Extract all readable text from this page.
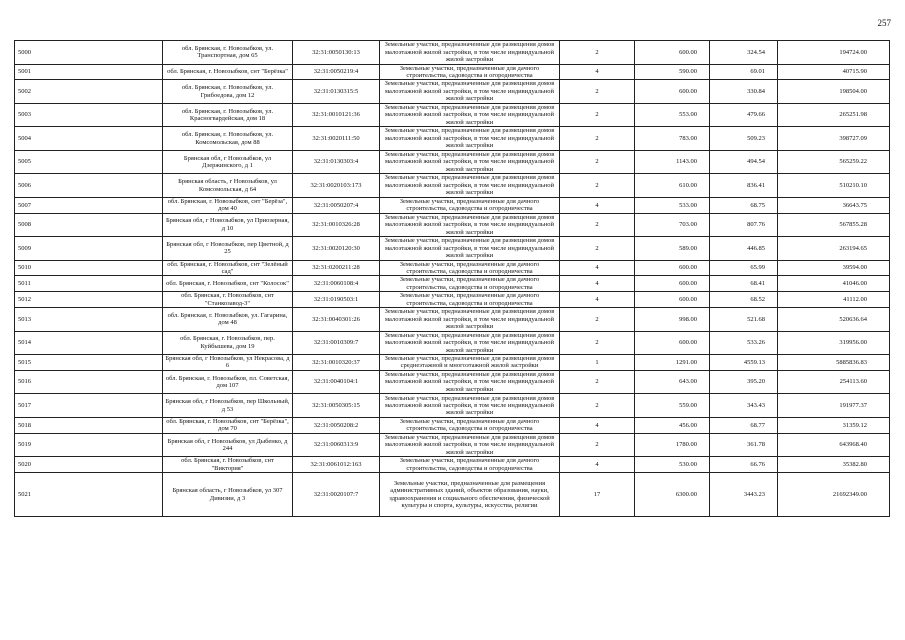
257
5000	обл. Брянская, г. Новозыбков, ул. Транспортная, дом 65	32:31:0050130:13	Земельные участки, предназначенные для размещения домов малоэтажной жилой застройки, в том числе индивидуальной жилой застройки	2	600.00	324.54	194724.00
5001	обл. Брянская, г. Новозыбков, снт "Берёзка"	32:31:0050219:4	Земельные участки, предназначенные для дачного строительства, садоводства и огородничества	4	590.00	69.01	40715.90
5002	обл. Брянская, г. Новозыбков, ул. Грибоедова, дом 12	32:31:0130315:5	Земельные участки, предназначенные для размещения домов малоэтажной жилой застройки, в том числе индивидуальной жилой застройки	2	600.00	330.84	198504.00
5003	обл. Брянская, г. Новозыбков, ул. Красногвардейская, дом 18	32:31:0010121:36	Земельные участки, предназначенные для размещения домов малоэтажной жилой застройки, в том числе индивидуальной жилой застройки	2	553.00	479.66	265251.98
5004	обл. Брянская, г. Новозыбков, ул. Комсомольская, дом 88	32:31:0020111:50	Земельные участки, предназначенные для размещения домов малоэтажной жилой застройки, в том числе индивидуальной жилой застройки	2	783.00	509.23	398727.09
5005	Брянская обл, г Новозыбков, ул Дзержинского, д 1	32:31:0130303:4	Земельные участки, предназначенные для размещения домов малоэтажной жилой застройки, в том числе индивидуальной жилой застройки	2	1143.00	494.54	565259.22
5006	Брянская область, г Новозыбков, ул Комсомольская, д 64	32:31:0020103:173	Земельные участки, предназначенные для размещения домов малоэтажной жилой застройки, в том числе индивидуальной жилой застройки	2	610.00	836.41	510210.10
5007	обл. Брянская, г. Новозыбков, снт "Берёза", дом 40	32:31:0050207:4	Земельные участки, предназначенные для дачного строительства, садоводства и огородничества	4	533.00	68.75	36643.75
5008	Брянская обл, г Новозыбков, ул Приозерная, д 10	32:31:0010326:28	Земельные участки, предназначенные для размещения домов малоэтажной жилой застройки, в том числе индивидуальной жилой застройки	2	703.00	807.76	567855.28
5009	Брянская обл, г Новозыбков, пер Цветной, д 25	32:31:0020120:30	Земельные участки, предназначенные для размещения домов малоэтажной жилой застройки, в том числе индивидуальной жилой застройки	2	589.00	446.85	263194.65
5010	обл. Брянская, г. Новозыбков, снт "Зелёный сад"	32:31:0200211:28	Земельные участки, предназначенные для дачного строительства, садоводства и огородничества	4	600.00	65.99	39594.00
5011	обл. Брянская, г. Новозыбков, снт "Колосок"	32:31:0060108:4	Земельные участки, предназначенные для дачного строительства, садоводства и огородничества	4	600.00	68.41	41046.00
5012	обл. Брянская, г. Новозыбков, снт "Станкозавод-3"	32:31:0190503:1	Земельные участки, предназначенные для дачного строительства, садоводства и огородничества	4	600.00	68.52	41112.00
5013	обл. Брянская, г. Новозыбков, ул. Гагарина, дом 48	32:31:0040301:26	Земельные участки, предназначенные для размещения домов малоэтажной жилой застройки, в том числе индивидуальной жилой застройки	2	998.00	521.68	520636.64
5014	обл. Брянская, г. Новозыбков, пер. Куйбышева, дом 19	32:31:0010309:7	Земельные участки, предназначенные для размещения домов малоэтажной жилой застройки, в том числе индивидуальной жилой застройки	2	600.00	533.26	319956.00
5015	Брянская обл, г Новозыбков, ул Некрасова, д 6	32:31:0010320:37	Земельные участки, предназначенные для размещения домов среднеэтажной и многоэтажной жилой застройки	1	1291.00	4559.13	5885836.83
5016	обл. Брянская, г. Новозыбков, пл. Советская, дом 107	32:31:0040104:1	Земельные участки, предназначенные для размещения домов малоэтажной жилой застройки, в том числе индивидуальной жилой застройки	2	643.00	395.20	254113.60
5017	Брянская обл, г Новозыбков, пер Школьный, д 53	32:31:0050305:15	Земельные участки, предназначенные для размещения домов малоэтажной жилой застройки, в том числе индивидуальной жилой застройки	2	559.00	343.43	191977.37
5018	обл. Брянская, г. Новозыбков, снт "Берёзка", дом 70	32:31:0050208:2	Земельные участки, предназначенные для дачного строительства, садоводства и огородничества	4	456.00	68.77	31359.12
5019	Брянская обл, г Новозыбков, ул Дыбенко, д 244	32:31:0060313:9	Земельные участки, предназначенные для размещения домов малоэтажной жилой застройки, в том числе индивидуальной жилой застройки	2	1780.00	361.78	643968.40
5020	обл. Брянская, г. Новозыбков, снт "Виктория"	32:31:0061012:163	Земельные участки, предназначенные для дачного строительства, садоводства и огородничества	4	530.00	66.76	35382.80
5021	Брянская область, г Новозыбков, ул 307 Дивизии, д 3	32:31:0020107:7	Земельные участки, предназначенные для размещения административных зданий, объектов образования, науки, здравоохранения и социального обеспечения, физической культуры и спорта, культуры, искусства, религии	17	6300.00	3443.23	21692349.00
